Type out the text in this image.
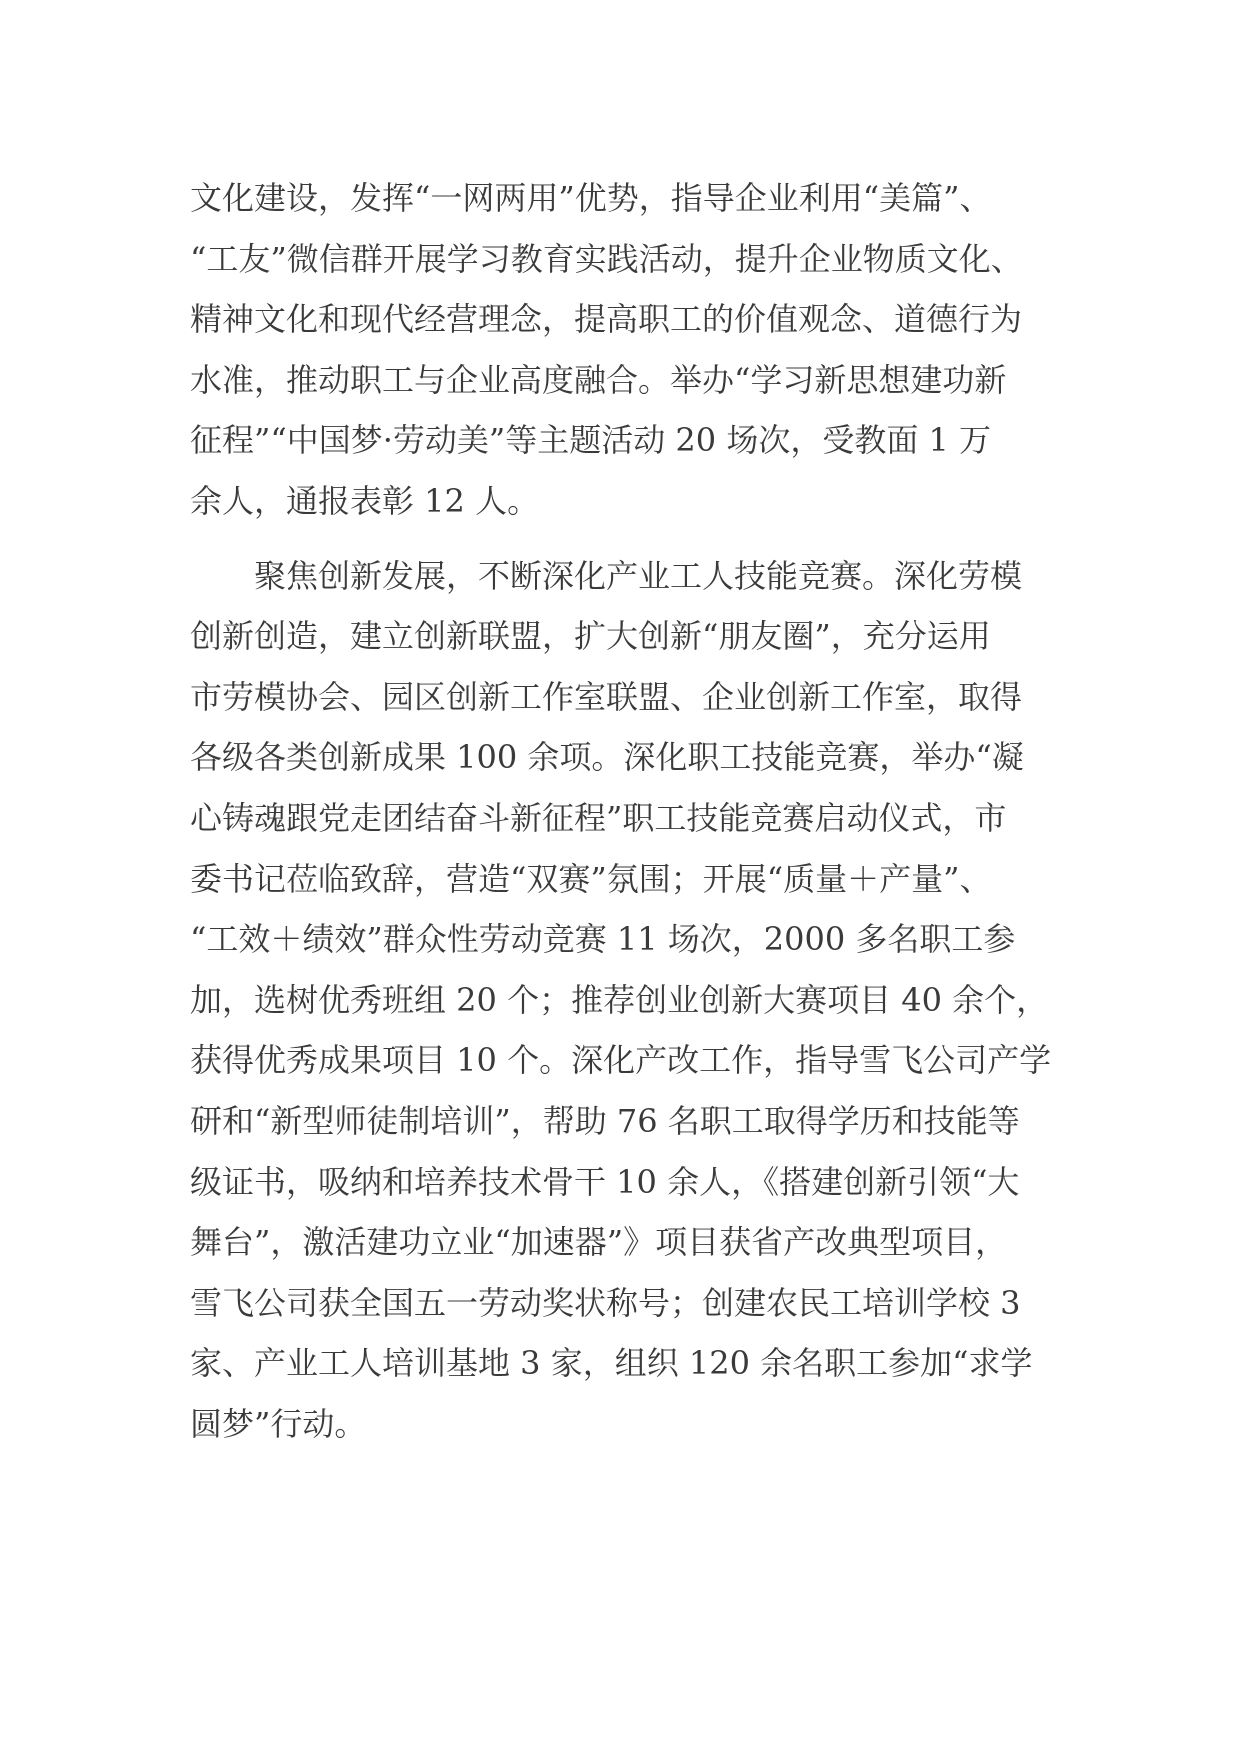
文化建设，发挥“一网两用”优势，指导企业利用“美篇”、
“工友”微信群开展学习教育实践活动，提升企业物质文化、
精神文化和现代经营理念，提高职工的价值观念、道德行为
水准，推动职工与企业高度融合。举办“学习新思想建功新
征程”“中国梦·劳动美”等主题活动 20 场次，受教面 1 万
余人，通报表彰 12 人。
　　聚焦创新发展，不断深化产业工人技能竞赛。深化劳模
创新创造，建立创新联盟，扩大创新“朋友圈”，充分运用
市劳模协会、园区创新工作室联盟、企业创新工作室，取得
各级各类创新成果 100 余项。深化职工技能竞赛，举办“凝
心铸魂跟党走团结奋斗新征程”职工技能竞赛启动仪式，市
委书记莅临致辞，营造“双赛”氛围；开展“质量＋产量”、
“工效＋绩效”群众性劳动竞赛 11 场次，2000 多名职工参
加，选树优秀班组 20 个；推荐创业创新大赛项目 40 余个，
获得优秀成果项目 10 个。深化产改工作，指导雪飞公司产学
研和“新型师徒制培训”，帮助 76 名职工取得学历和技能等
级证书，吸纳和培养技术骨干 10 余人，《搭建创新引领“大
舞台”，激活建功立业“加速器”》项目获省产改典型项目，
雪飞公司获全国五一劳动奖状称号；创建农民工培训学校 3
家、产业工人培训基地 3 家，组织 120 余名职工参加“求学
圆梦”行动。
